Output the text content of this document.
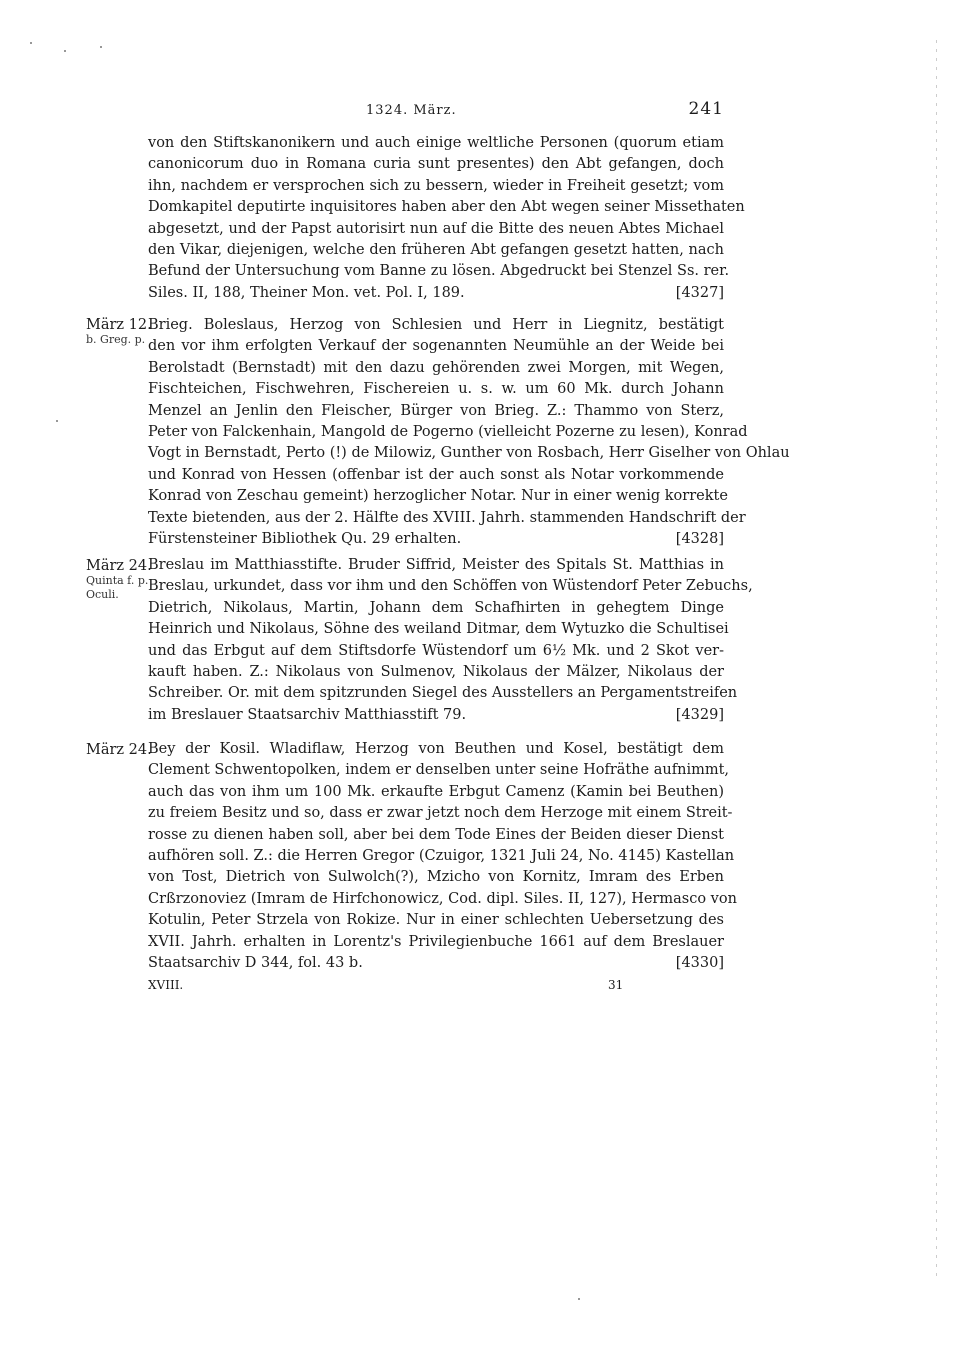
1324. März.	241
von den Stiftskanonikern und auch einige weltliche Personen (quorum etiam
canonicorum duo in Romana curia sunt presentes) den Abt gefangen, doch
ihn, nachdem er versprochen sich zu bessern, wieder in Freiheit gesetzt; vom
Domkapitel deputirte inquisitores haben aber den Abt wegen seiner Missethaten
abgesetzt, und der Papst autorisirt nun auf die Bitte des neuen Abtes Michael
den Vikar, diejenigen, welche den früheren Abt gefangen gesetzt hatten, nach
Befund der Untersuchung vom Banne zu lösen. Abgedruckt bei Stenzel Ss. rer.
Siles. II, 188, Theiner Mon. vet. Pol. I, 189.	[4327]
März 12.
b. Greg. p.
Brieg. Boleslaus, Herzog von Schlesien und Herr in Liegnitz, bestätigt
den vor ihm erfolgten Verkauf der sogenannten Neumühle an der Weide bei
Berolstadt (Bernstadt) mit den dazu gehörenden zwei Morgen, mit Wegen,
Fischteichen, Fischwehren, Fischereien u. s. w. um 60 Mk. durch Johann
Menzel an Jenlin den Fleischer, Bürger von Brieg. Z.: Thammo von Sterz,
Peter von Falckenhain, Mangold de Pogerno (vielleicht Pozerne zu lesen), Konrad
Vogt in Bernstadt, Perto (!) de Milowiz, Gunther von Rosbach, Herr Giselher von Ohlau
und Konrad von Hessen (offenbar ist der auch sonst als Notar vorkommende
Konrad von Zeschau gemeint) herzoglicher Notar. Nur in einer wenig korrekte
Texte bietenden, aus der 2. Hälfte des XVIII. Jahrh. stammenden Handschrift der
Fürstensteiner Bibliothek Qu. 29 erhalten.	[4328]
März 24.
Quinta f. p.
Oculi.
Breslau im Matthiasstifte. Bruder Siffrid, Meister des Spitals St. Matthias in
Breslau, urkundet, dass vor ihm und den Schöffen von Wüstendorf Peter Zebuchs,
Dietrich, Nikolaus, Martin, Johann dem Schafhirten in gehegtem Dinge
Heinrich und Nikolaus, Söhne des weiland Ditmar, dem Wytuzko die Schultisei
und das Erbgut auf dem Stiftsdorfe Wüstendorf um 6½ Mk. und 2 Skot ver-
kauft haben. Z.: Nikolaus von Sulmenov, Nikolaus der Mälzer, Nikolaus der
Schreiber. Or. mit dem spitzrunden Siegel des Ausstellers an Pergamentstreifen
im Breslauer Staatsarchiv Matthiasstift 79.	[4329]
März 24.
Bey der Kosil. Wladiflaw, Herzog von Beuthen und Kosel, bestätigt dem
Clement Schwentopolken, indem er denselben unter seine Hofräthe aufnimmt,
auch das von ihm um 100 Mk. erkaufte Erbgut Camenz (Kamin bei Beuthen)
zu freiem Besitz und so, dass er zwar jetzt noch dem Herzoge mit einem Streit-
rosse zu dienen haben soll, aber bei dem Tode Eines der Beiden dieser Dienst
aufhören soll. Z.: die Herren Gregor (Czuigor, 1321 Juli 24, No. 4145) Kastellan
von Tost, Dietrich von Sulwolch(?), Mzicho von Kornitz, Imram des Erben
Crßrzonoviez (Imram de Hirfchonowicz, Cod. dipl. Siles. II, 127), Hermasco von
Kotulin, Peter Strzela von Rokize. Nur in einer schlechten Uebersetzung des
XVII. Jahrh. erhalten in Lorentz's Privilegienbuche 1661 auf dem Breslauer
Staatsarchiv D 344, fol. 43 b.	[4330]
XVIII.	31
